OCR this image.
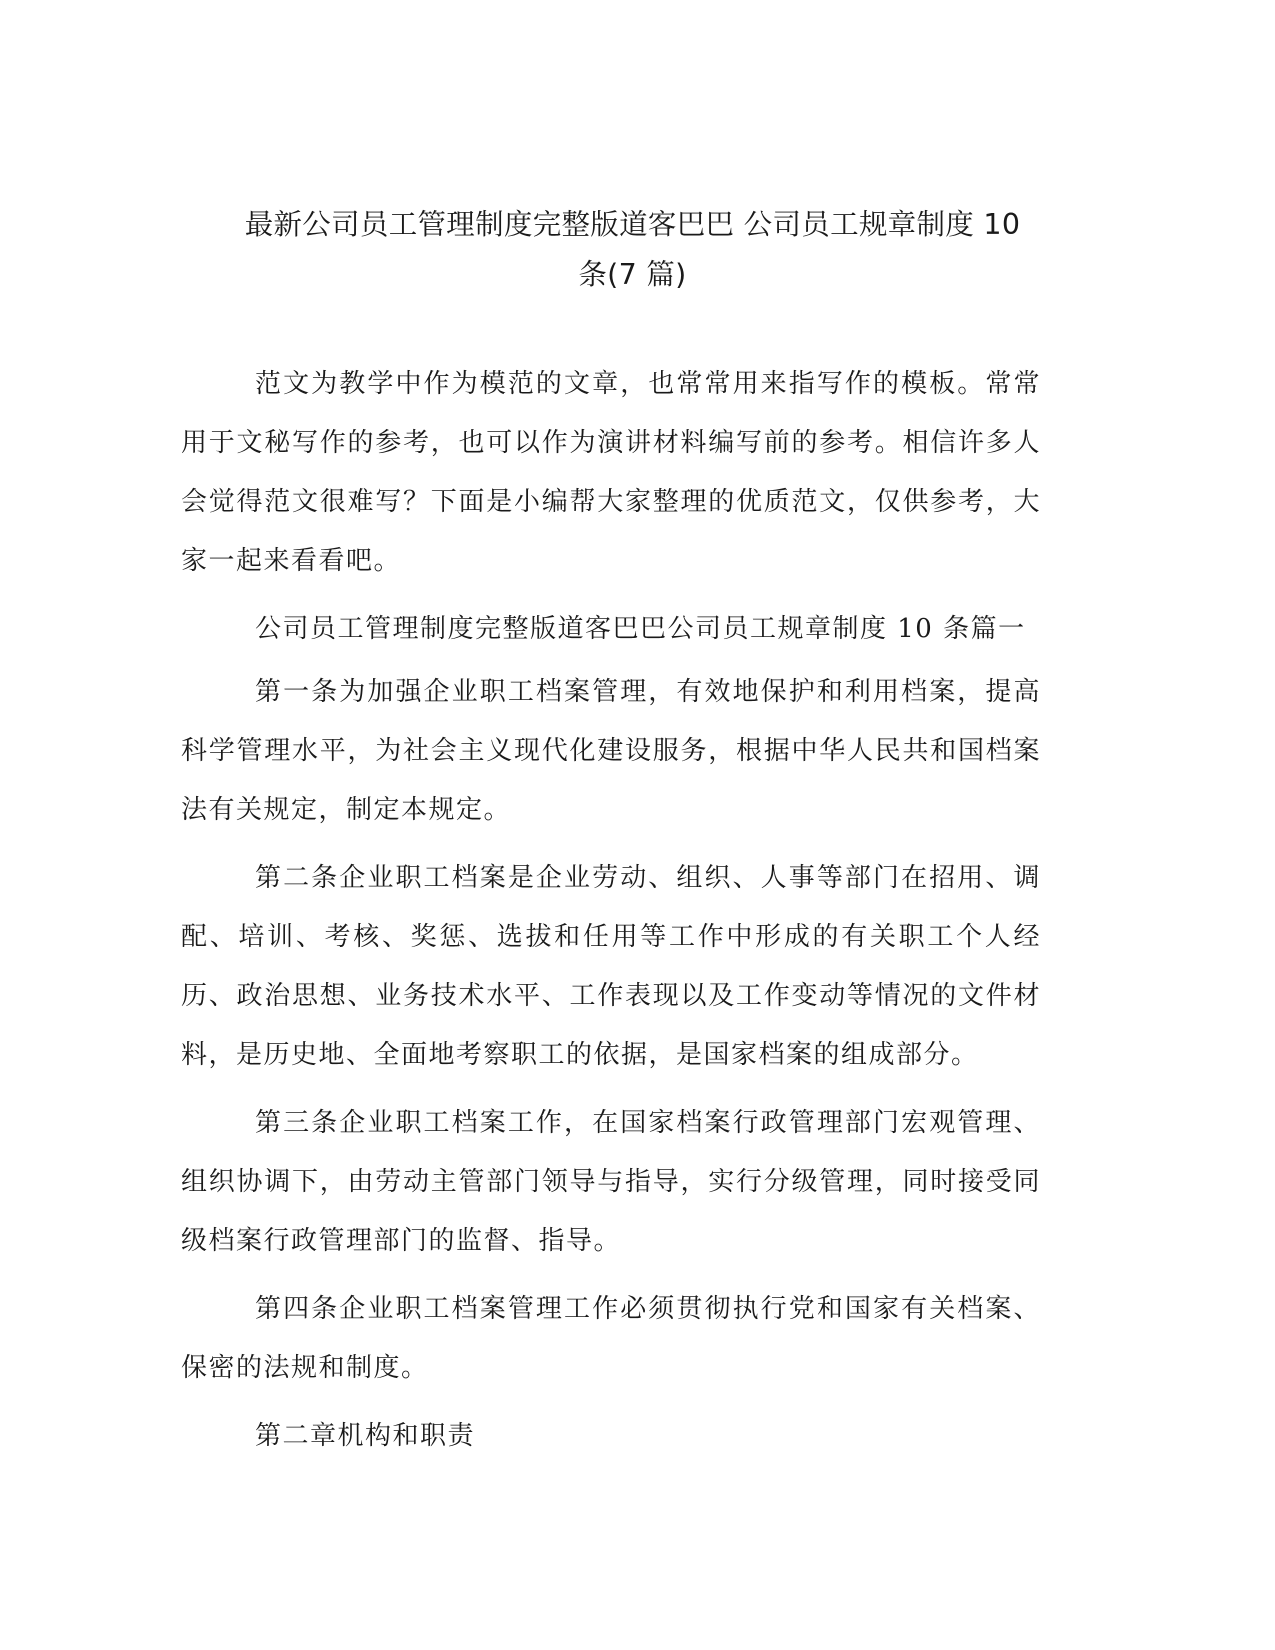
最新公司员工管理制度完整版道客巴巴 公司员工规章制度 10
条(7 篇)

范文为教学中作为模范的文章，也常常用来指写作的模板。常常用于文秘写作的参考，也可以作为演讲材料编写前的参考。相信许多人会觉得范文很难写？下面是小编帮大家整理的优质范文，仅供参考，大家一起来看看吧。

公司员工管理制度完整版道客巴巴公司员工规章制度 10 条篇一

第一条为加强企业职工档案管理，有效地保护和利用档案，提高科学管理水平，为社会主义现代化建设服务，根据中华人民共和国档案法有关规定，制定本规定。

第二条企业职工档案是企业劳动、组织、人事等部门在招用、调配、培训、考核、奖惩、选拔和任用等工作中形成的有关职工个人经历、政治思想、业务技术水平、工作表现以及工作变动等情况的文件材料，是历史地、全面地考察职工的依据，是国家档案的组成部分。

第三条企业职工档案工作，在国家档案行政管理部门宏观管理、组织协调下，由劳动主管部门领导与指导，实行分级管理，同时接受同级档案行政管理部门的监督、指导。

第四条企业职工档案管理工作必须贯彻执行党和国家有关档案、保密的法规和制度。

第二章机构和职责
